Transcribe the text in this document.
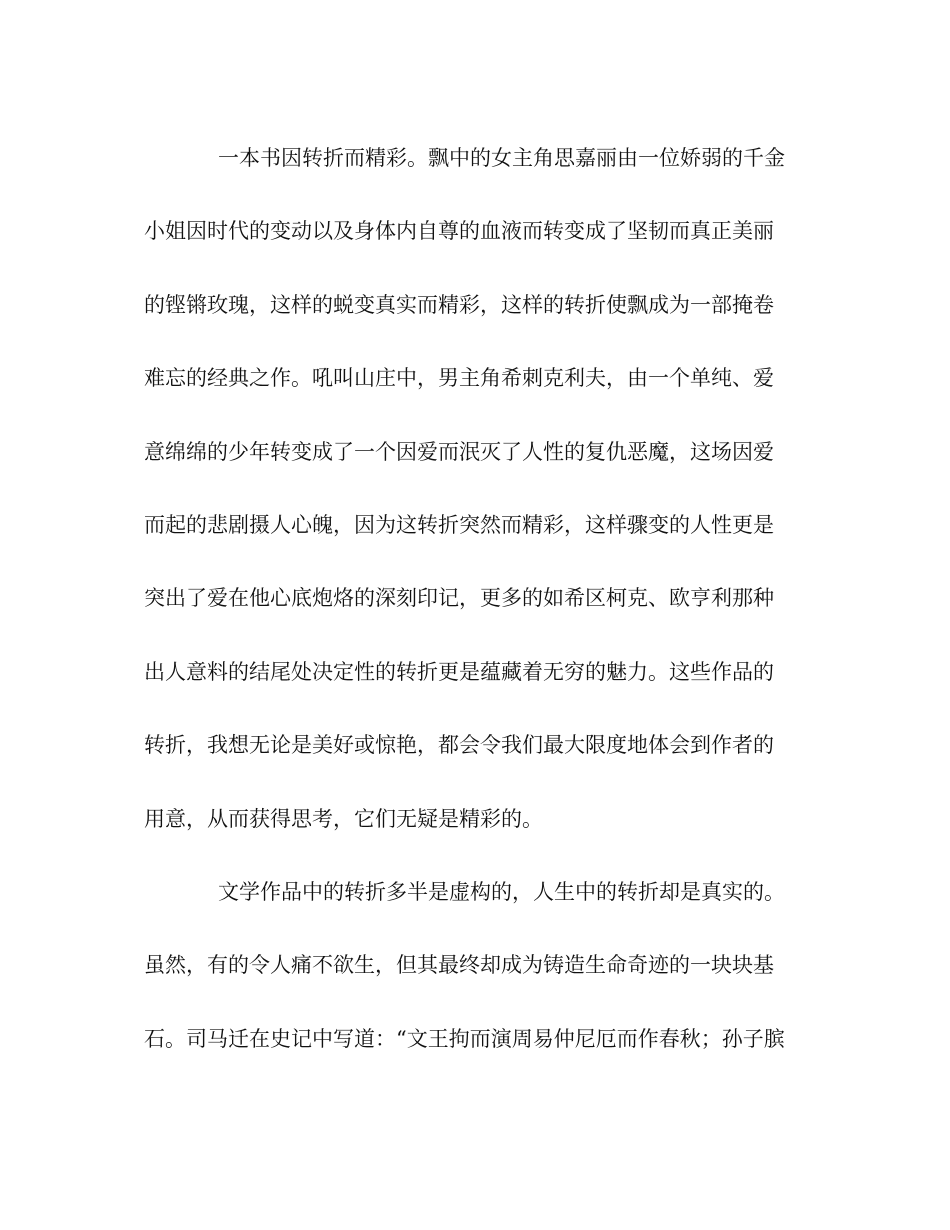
一本书因转折而精彩。飘中的女主角思嘉丽由一位娇弱的千金
小姐因时代的变动以及身体内自尊的血液而转变成了坚韧而真正美丽
的铿锵玫瑰，这样的蜕变真实而精彩，这样的转折使飘成为一部掩卷
难忘的经典之作。吼叫山庄中，男主角希刺克利夫，由一个单纯、爱
意绵绵的少年转变成了一个因爱而泯灭了人性的复仇恶魔，这场因爱
而起的悲剧摄人心魄，因为这转折突然而精彩，这样骤变的人性更是
突出了爱在他心底炮烙的深刻印记，更多的如希区柯克、欧亨利那种
出人意料的结尾处决定性的转折更是蕴藏着无穷的魅力。这些作品的
转折，我想无论是美好或惊艳，都会令我们最大限度地体会到作者的
用意，从而获得思考，它们无疑是精彩的。
文学作品中的转折多半是虚构的，人生中的转折却是真实的。
虽然，有的令人痛不欲生，但其最终却成为铸造生命奇迹的一块块基
石。司马迁在史记中写道：“文王拘而演周易仲尼厄而作春秋；孙子膑
